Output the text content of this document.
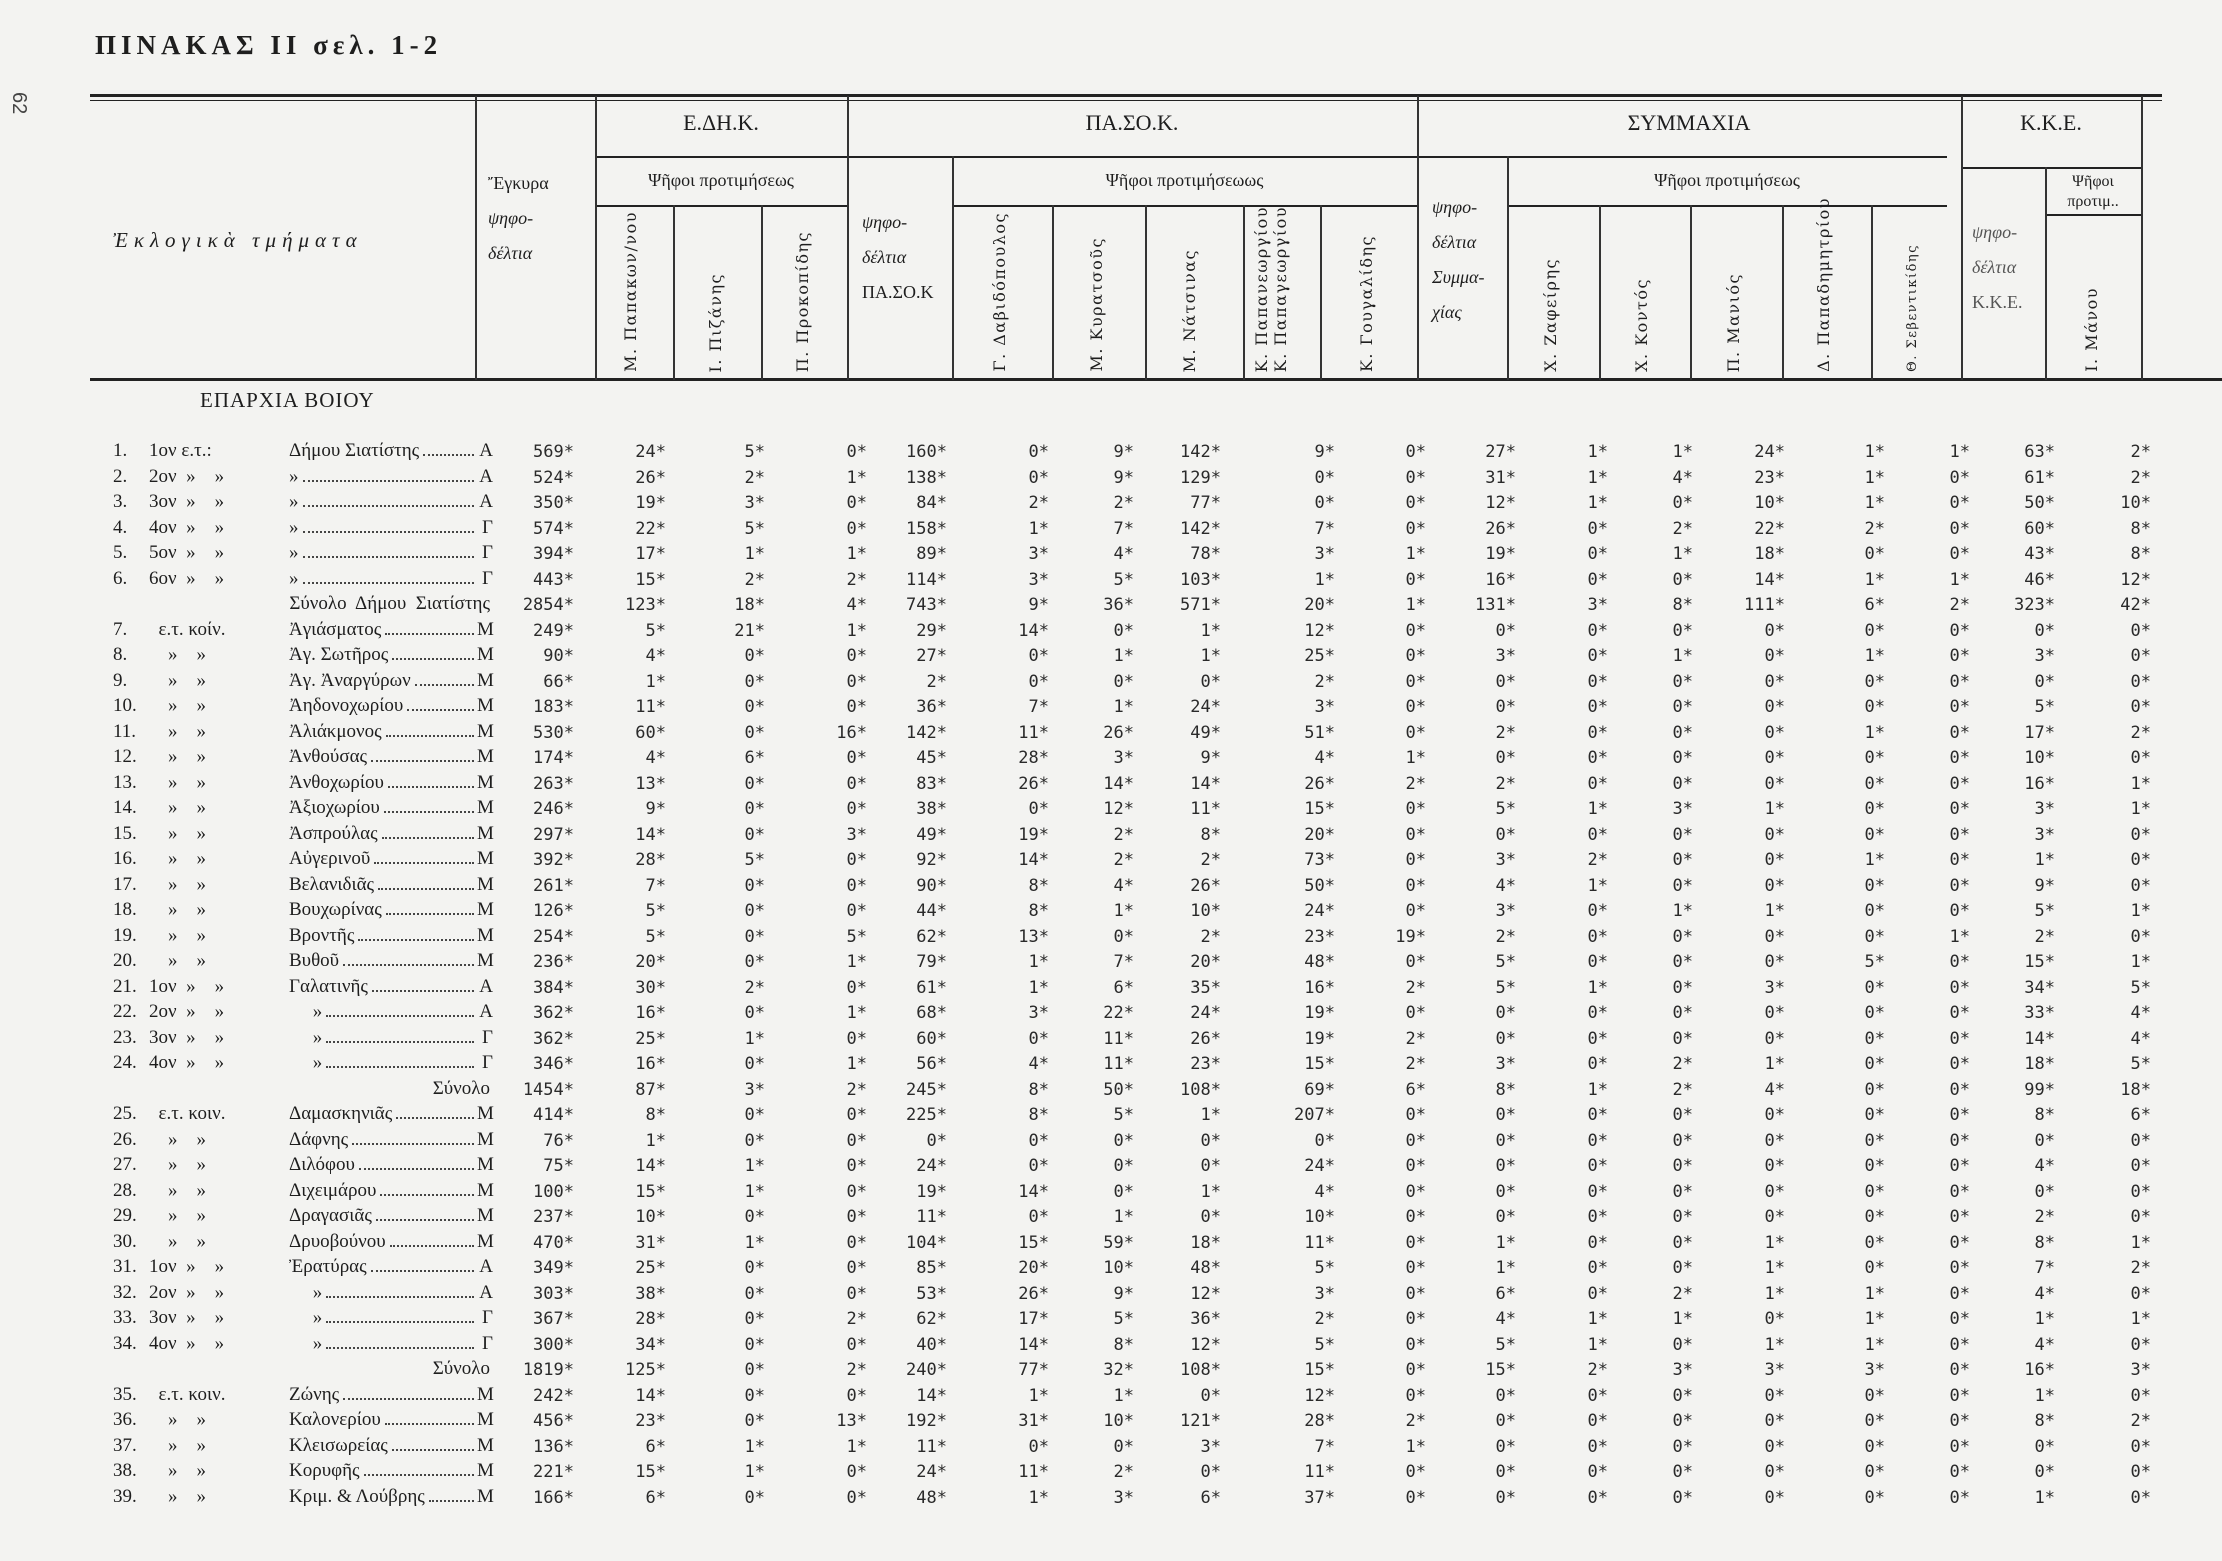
ΠΙΝΑΚΑΣ ΙΙ σελ. 1-2
62
Ἐκλογικὰ τμήματα
Ἔγκυρα
ψηφο-
δέλτια
Ε.ΔΗ.Κ.	ΠΑ.ΣΟ.Κ.	ΣΥΜΜΑΧΙΑ	Κ.Κ.Ε.
Ψῆφοι προτιμήσεως	Ψῆφοι προτιμήσεωως	Ψῆφοι προτιμήσεως	Ψῆφοι
προτιμ..
ψηφο-
δέλτια
ΠΑ.ΣΟ.Κ
ψηφο-
δέλτια
Συμμα-
χίας
ψηφο-
δέλτια
Κ.Κ.Ε.
Μ. Παπακων/νου	Ι. Πιζάνης	Π. Προκοπίδης	Γ. Δαβιδόπουλος	Μ. Κυρατσοῦς	Μ. Νάτσινας	Κ. Παπανεωργίου Κ. Παπαγεωργίου	Κ. Γουγαλίδης	Χ. Ζαφείρης	Χ. Κοντός	Π. Μανιός	Δ. Παπαδημητρίου	Θ. Σεβεντικίδης	Ι. Μάνου
ΕΠΑΡΧΙΑ ΒΟΙΟΥ
1.	1ον ε.τ.:	Δήμου Σιατίστης	Α 569*	24*	5*	0* 160*	0*	9*	142*	9*	0*	27*	1*	1*	24*	1*	1*	63*	2*
2.	2ον  »    »	»	Α 524*	26*	2*	1* 138*	0*	9*	129*	0*	0*	31*	1*	4*	23*	1*	0*	61*	2*
3.	3ον  »    »	»	Α 350*	19*	3*	0*	84*	2*	2*	77*	0*	0*	12*	1*	0*	10*	1*	0*	50*	10*
4.	4ον  »    »	»	Γ 574*	22*	5*	0* 158*	1*	7*	142*	7*	0*	26*	0*	2*	22*	2*	0*	60*	8*
5.	5ον  »    »	»	Γ 394*	17*	1*	1*	89*	3*	4*	78*	3*	1*	19*	0*	1*	18*	0*	0*	43*	8*
6.	6ον  »    »	»	Γ 443*	15*	2*	2* 114*	3*	5*	103*	1*	0*	16*	0*	0*	14*	1*	1*	46*	12*
Σύνολο  Δήμου  Σιατίστης 2854*	123*	18*	4* 743*	9*	36*	571*	20*	1*	131*	3*	8*	111*	6*	2*	323*	42*
7.	ε.τ. κοίν.	Ἀγιάσματος	Μ 249*	5*	21*	1*	29*	14*	0*	1*	12*	0*	0*	0*	0*	0*	0*	0*	0*	0*
8.	»    »	Ἀγ. Σωτῆρος	Μ	90*	4*	0*	0*	27*	0*	1*	1*	25*	0*	3*	0*	1*	0*	1*	0*	3*	0*
9.	»    »	Ἀγ. Ἀναργύρων	Μ	66*	1*	0*	0*	2*	0*	0*	0*	2*	0*	0*	0*	0*	0*	0*	0*	0*	0*
10. »    »	Ἀηδονοχωρίου	Μ 183*	11*	0*	0*	36*	7*	1*	24*	3*	0*	0*	0*	0*	0*	0*	0*	5*	0*
11. »    »	Ἀλιάκμονος	Μ 530*	60*	0*	16* 142*	11*	26*	49*	51*	0*	2*	0*	0*	0*	1*	0*	17*	2*
12. »    »	Ἀνθούσας	Μ 174*	4*	6*	0*	45*	28*	3*	9*	4*	1*	0*	0*	0*	0*	0*	0*	10*	0*
13. »    »	Ἀνθοχωρίου	Μ 263*	13*	0*	0*	83*	26*	14*	14*	26*	2*	2*	0*	0*	0*	0*	0*	16*	1*
14. »    »	Ἀξιοχωρίου	Μ 246*	9*	0*	0*	38*	0*	12*	11*	15*	0*	5*	1*	3*	1*	0*	0*	3*	1*
15. »    »	Ἀσπρούλας	Μ 297*	14*	0*	3*	49*	19*	2*	8*	20*	0*	0*	0*	0*	0*	0*	0*	3*	0*
16. »    »	Αὐγερινοῦ	Μ 392*	28*	5*	0*	92*	14*	2*	2*	73*	0*	3*	2*	0*	0*	1*	0*	1*	0*
17. »    »	Βελανιδιᾶς	Μ 261*	7*	0*	0*	90*	8*	4*	26*	50*	0*	4*	1*	0*	0*	0*	0*	9*	0*
18. »    »	Βουχωρίνας	Μ 126*	5*	0*	0*	44*	8*	1*	10*	24*	0*	3*	0*	1*	1*	0*	0*	5*	1*
19. »    »	Βροντῆς	Μ 254*	5*	0*	5*	62*	13*	0*	2*	23*	19*	2*	0*	0*	0*	0*	1*	2*	0*
20. »    »	Βυθοῦ	Μ 236*	20*	0*	1*	79*	1*	7*	20*	48*	0*	5*	0*	0*	0*	5*	0*	15*	1*
21. 1ον  »    »	Γαλατινῆς	Α 384*	30*	2*	0*	61*	1*	6*	35*	16*	2*	5*	1*	0*	3*	0*	0*	34*	5*
22. 2ον  »    »	»	Α 362*	16*	0*	1*	68*	3*	22*	24*	19*	0*	0*	0*	0*	0*	0*	0*	33*	4*
23. 3ον  »    »	»	Γ 362*	25*	1*	0*	60*	0*	11*	26*	19*	2*	0*	0*	0*	0*	0*	0*	14*	4*
24. 4ον  »    »	»	Γ 346*	16*	0*	1*	56*	4*	11*	23*	15*	2*	3*	0*	2*	1*	0*	0*	18*	5*
Σύνολο 1454*	87*	3*	2* 245*	8*	50*	108*	69*	6*	8*	1*	2*	4*	0*	0*	99*	18*
25. ε.τ. κοιν.	Δαμασκηνιᾶς	Μ 414*	8*	0*	0* 225*	8*	5*	1*	207*	0*	0*	0*	0*	0*	0*	0*	8*	6*
26. »    »	Δάφνης	Μ	76*	1*	0*	0*	0*	0*	0*	0*	0*	0*	0*	0*	0*	0*	0*	0*	0*	0*
27. »    »	Διλόφου	Μ	75*	14*	1*	0*	24*	0*	0*	0*	24*	0*	0*	0*	0*	0*	0*	0*	4*	0*
28. »    »	Διχειμάρου	Μ 100*	15*	1*	0*	19*	14*	0*	1*	4*	0*	0*	0*	0*	0*	0*	0*	0*	0*
29. »    »	Δραγασιᾶς	Μ 237*	10*	0*	0*	11*	0*	1*	0*	10*	0*	0*	0*	0*	0*	0*	0*	2*	0*
30. »    »	Δρυοβούνου	Μ 470*	31*	1*	0* 104*	15*	59*	18*	11*	0*	1*	0*	0*	1*	0*	0*	8*	1*
31. 1ον  »    »	Ἐρατύρας	Α 349*	25*	0*	0*	85*	20*	10*	48*	5*	0*	1*	0*	0*	1*	0*	0*	7*	2*
32. 2ον  »    »	»	Α 303*	38*	0*	0*	53*	26*	9*	12*	3*	0*	6*	0*	2*	1*	1*	0*	4*	0*
33. 3ον  »    »	»	Γ 367*	28*	0*	2*	62*	17*	5*	36*	2*	0*	4*	1*	1*	0*	1*	0*	1*	1*
34. 4ον  »    »	»	Γ 300*	34*	0*	0*	40*	14*	8*	12*	5*	0*	5*	1*	0*	1*	1*	0*	4*	0*
Σύνολο 1819*	125*	0*	2* 240*	77*	32*	108*	15*	0*	15*	2*	3*	3*	3*	0*	16*	3*
35. ε.τ. κοιν.	Ζώνης	Μ 242*	14*	0*	0*	14*	1*	1*	0*	12*	0*	0*	0*	0*	0*	0*	0*	1*	0*
36. »    »	Καλονερίου	Μ 456*	23*	0*	13* 192*	31*	10*	121*	28*	2*	0*	0*	0*	0*	0*	0*	8*	2*
37. »    »	Κλεισωρείας	Μ 136*	6*	1*	1*	11*	0*	0*	3*	7*	1*	0*	0*	0*	0*	0*	0*	0*	0*
38. »    »	Κορυφῆς	Μ 221*	15*	1*	0*	24*	11*	2*	0*	11*	0*	0*	0*	0*	0*	0*	0*	0*	0*
39. »    »	Κριμ. & Λούβρης	Μ 166*	6*	0*	0*	48*	1*	3*	6*	37*	0*	0*	0*	0*	0*	0*	0*	1*	0*
